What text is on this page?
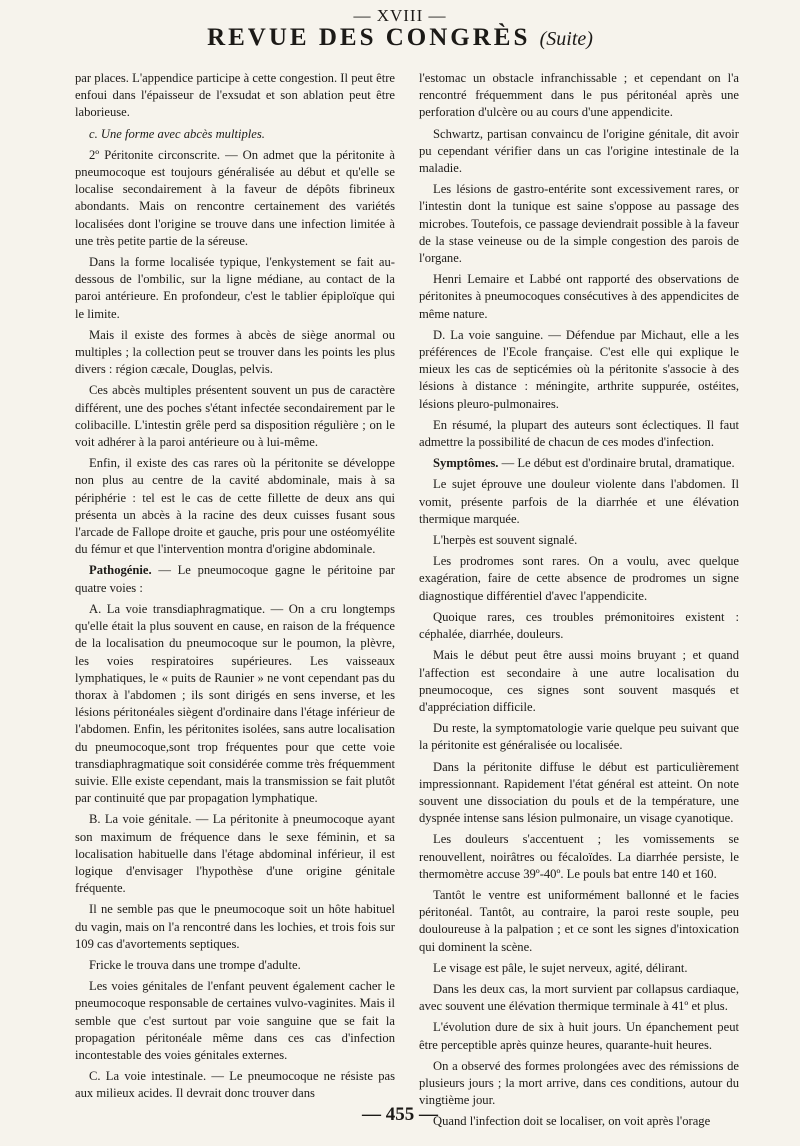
— XVIII —
REVUE DES CONGRÈS (Suite)

par places. L'appendice participe à cette congestion. Il peut être enfoui dans l'épaisseur de l'exsudat et son ablation peut être laborieuse.

c. Une forme avec abcès multiples.

2º Péritonite circonscrite. — On admet que la péritonite à pneumocoque est toujours généralisée au début et qu'elle se localise secondairement à la faveur de dépôts fibrineux abondants. Mais on rencontre certainement des variétés localisées dont l'origine se trouve dans une infection limitée à une très petite partie de la séreuse.

Dans la forme localisée typique, l'enkystement se fait au-dessous de l'ombilic, sur la ligne médiane, au contact de la paroi antérieure. En profondeur, c'est le tablier épiploïque qui le limite.

Mais il existe des formes à abcès de siège anormal ou multiples ; la collection peut se trouver dans les points les plus divers : région cæcale, Douglas, pelvis.

Ces abcès multiples présentent souvent un pus de caractère différent, une des poches s'étant infectée secondairement par le colibacille. L'intestin grêle perd sa disposition régulière ; on le voit adhérer à la paroi antérieure ou à lui-même.

Enfin, il existe des cas rares où la péritonite se développe non plus au centre de la cavité abdominale, mais à sa périphérie : tel est le cas de cette fillette de deux ans qui présenta un abcès à la racine des deux cuisses fusant sous l'arcade de Fallope droite et gauche, pris pour une ostéomyélite du fémur et que l'intervention montra d'origine abdominale.

Pathogénie. — Le pneumocoque gagne le péritoine par quatre voies :

A. La voie transdiaphragmatique. — On a cru longtemps qu'elle était la plus souvent en cause, en raison de la fréquence de la localisation du pneumocoque sur le poumon, la plèvre, les voies respiratoires supérieures. Les vaisseaux lymphatiques, le « puits de Raunier » ne vont cependant pas du thorax à l'abdomen ; ils sont dirigés en sens inverse, et les lésions péritonéales siègent d'ordinaire dans l'étage inférieur de l'abdomen. Enfin, les péritonites isolées, sans autre localisation du pneumocoque,sont trop fréquentes pour que cette voie transdiaphragmatique soit considérée comme très fréquemment suivie. Elle existe cependant, mais la transmission se fait plutôt par continuité que par propagation lymphatique.

B. La voie génitale. — La péritonite à pneumocoque ayant son maximum de fréquence dans le sexe féminin, et sa localisation habituelle dans l'étage abdominal inférieur, il est logique d'envisager l'hypothèse d'une origine génitale fréquente.

Il ne semble pas que le pneumocoque soit un hôte habituel du vagin, mais on l'a rencontré dans les lochies, et trois fois sur 109 cas d'avortements septiques.

Fricke le trouva dans une trompe d'adulte.

Les voies génitales de l'enfant peuvent également cacher le pneumocoque responsable de certaines vulvo-vaginites. Mais il semble que c'est surtout par voie sanguine que se fait la propagation péritonéale même dans ces cas d'infection incontestable des voies génitales externes.

C. La voie intestinale. — Le pneumocoque ne résiste pas aux milieux acides. Il devrait donc trouver dans

l'estomac un obstacle infranchissable ; et cependant on l'a rencontré fréquemment dans le pus péritonéal après une perforation d'ulcère ou au cours d'une appendicite.

Schwartz, partisan convaincu de l'origine génitale, dit avoir pu cependant vérifier dans un cas l'origine intestinale de la maladie.

Les lésions de gastro-entérite sont excessivement rares, or l'intestin dont la tunique est saine s'oppose au passage des microbes. Toutefois, ce passage deviendrait possible à la faveur de la stase veineuse ou de la simple congestion des parois de l'organe.

Henri Lemaire et Labbé ont rapporté des observations de péritonites à pneumocoques consécutives à des appendicites de même nature.

D. La voie sanguine. — Défendue par Michaut, elle a les préférences de l'Ecole française. C'est elle qui explique le mieux les cas de septicémies où la péritonite s'associe à des lésions à distance : méningite, arthrite suppurée, ostéites, lésions pleuro-pulmonaires.

En résumé, la plupart des auteurs sont éclectiques. Il faut admettre la possibilité de chacun de ces modes d'infection.

Symptômes. — Le début est d'ordinaire brutal, dramatique.

Le sujet éprouve une douleur violente dans l'abdomen. Il vomit, présente parfois de la diarrhée et une élévation thermique marquée.

L'herpès est souvent signalé.

Les prodromes sont rares. On a voulu, avec quelque exagération, faire de cette absence de prodromes un signe diagnostique différentiel d'avec l'appendicite.

Quoique rares, ces troubles prémonitoires existent : céphalée, diarrhée, douleurs.

Mais le début peut être aussi moins bruyant ; et quand l'affection est secondaire à une autre localisation du pneumocoque, ces signes sont souvent masqués et d'appréciation difficile.

Du reste, la symptomatologie varie quelque peu suivant que la péritonite est généralisée ou localisée.

Dans la péritonite diffuse le début est particulièrement impressionnant. Rapidement l'état général est atteint. On note souvent une dissociation du pouls et de la température, une dyspnée intense sans lésion pulmonaire, un visage cyanotique.

Les douleurs s'accentuent ; les vomissements se renouvellent, noirâtres ou fécaloïdes. La diarrhée persiste, le thermomètre accuse 39º-40º. Le pouls bat entre 140 et 160.

Tantôt le ventre est uniformément ballonné et le facies péritonéal. Tantôt, au contraire, la paroi reste souple, peu douloureuse à la palpation ; et ce sont les signes d'intoxication qui dominent la scène.

Le visage est pâle, le sujet nerveux, agité, délirant.

Dans les deux cas, la mort survient par collapsus cardiaque, avec souvent une élévation thermique terminale à 41º et plus.

L'évolution dure de six à huit jours. Un épanchement peut être perceptible après quinze heures, quarante-huit heures.

On a observé des formes prolongées avec des rémissions de plusieurs jours ; la mort arrive, dans ces conditions, autour du vingtième jour.

Quand l'infection doit se localiser, on voit après l'orage

— 455 —
